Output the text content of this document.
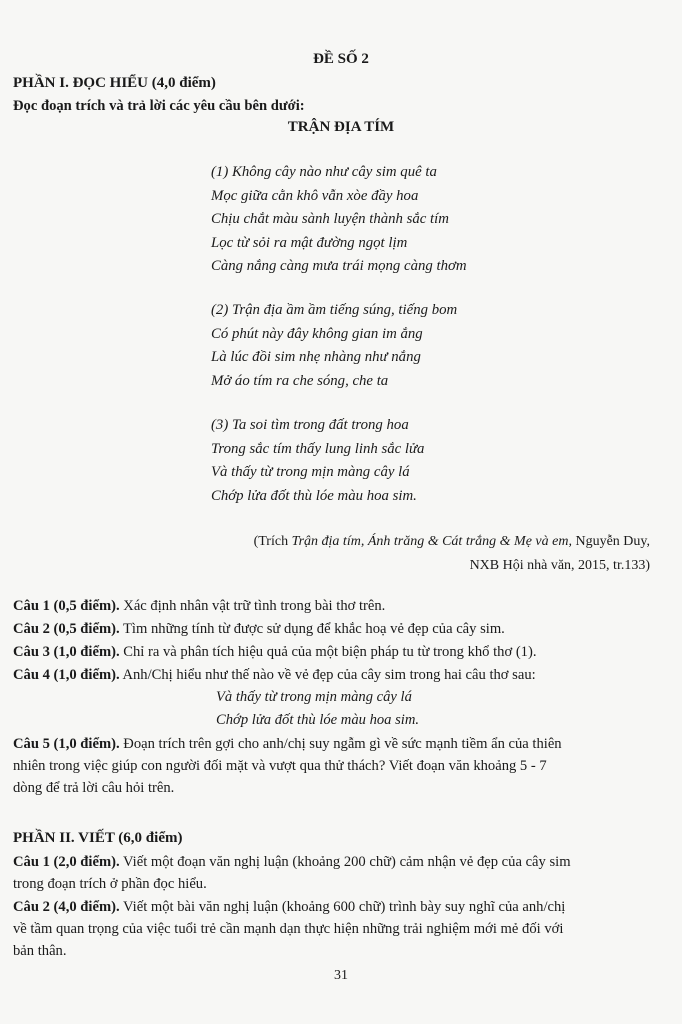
ĐỀ SỐ 2
PHẦN I. ĐỌC HIỂU (4,0 điểm)
Đọc đoạn trích và trả lời các yêu cầu bên dưới:
TRẬN ĐỊA TÍM
(1) Không cây nào như cây sim quê ta
Mọc giữa cằn khô vẫn xòe đầy hoa
Chịu chắt màu sành luyện thành sắc tím
Lọc từ sỏi ra mật đường ngọt lịm
Càng nắng càng mưa trái mọng càng thơm
(2) Trận địa ầm ầm tiếng súng, tiếng bom
Có phút này đây không gian im ắng
Là lúc đồi sim nhẹ nhàng như nắng
Mở áo tím ra che sóng, che ta
(3) Ta soi tìm trong đất trong hoa
Trong sắc tím thấy lung linh sắc lửa
Và thấy từ trong mịn màng cây lá
Chớp lửa đốt thù lóe màu hoa sim.
(Trích Trận địa tím, Ánh trăng & Cát trắng & Mẹ và em, Nguyễn Duy,
NXB Hội nhà văn, 2015, tr.133)
Câu 1 (0,5 điểm). Xác định nhân vật trữ tình trong bài thơ trên.
Câu 2 (0,5 điểm). Tìm những tính từ được sử dụng để khắc hoạ vẻ đẹp của cây sim.
Câu 3 (1,0 điểm). Chỉ ra và phân tích hiệu quả của một biện pháp tu từ trong khổ thơ (1).
Câu 4 (1,0 điểm). Anh/Chị hiểu như thế nào về vẻ đẹp của cây sim trong hai câu thơ sau:
Và thấy từ trong mịn màng cây lá
Chớp lửa đốt thù lóe màu hoa sim.
Câu 5 (1,0 điểm). Đoạn trích trên gợi cho anh/chị suy ngẫm gì về sức mạnh tiềm ẩn của thiên
nhiên trong việc giúp con người đối mặt và vượt qua thử thách? Viết đoạn văn khoảng 5 - 7
dòng để trả lời câu hỏi trên.
PHẦN II. VIẾT (6,0 điểm)
Câu 1 (2,0 điểm). Viết một đoạn văn nghị luận (khoảng 200 chữ) cảm nhận vẻ đẹp của cây sim
trong đoạn trích ở phần đọc hiểu.
Câu 2 (4,0 điểm). Viết một bài văn nghị luận (khoảng 600 chữ) trình bày suy nghĩ của anh/chị
về tầm quan trọng của việc tuổi trẻ cần mạnh dạn thực hiện những trải nghiệm mới mẻ đối với
bản thân.
31
